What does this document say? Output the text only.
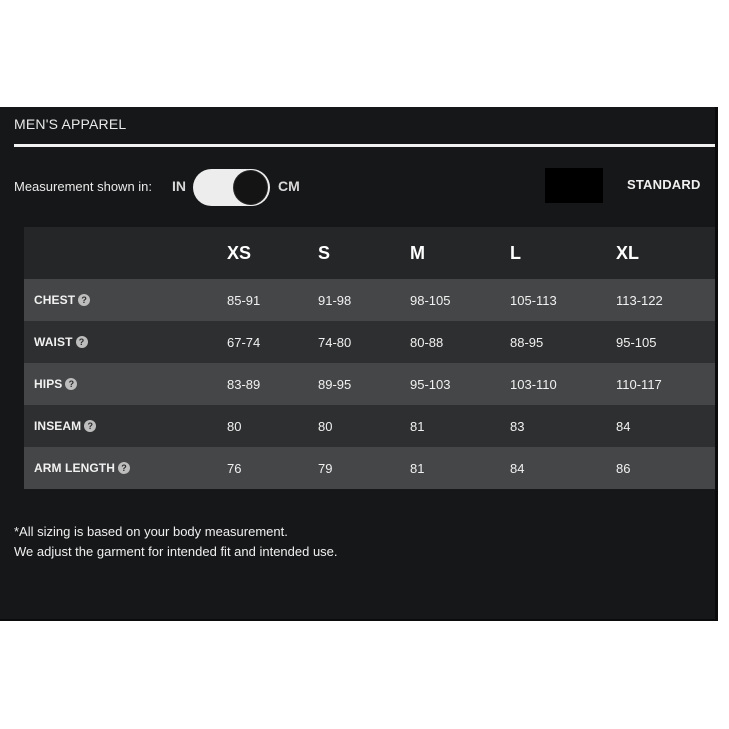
MEN'S APPAREL
Measurement shown in: IN	CM	STANDARD
XS	S	M	L	XL
CHEST ?	85-91	91-98	98-105	105-113	113-122
WAIST ?	67-74	74-80	80-88	88-95	95-105
HIPS ?	83-89	89-95	95-103	103-110	110-117
INSEAM ?	80	80	81	83	84
ARM LENGTH ?	76	79	81	84	86
*All sizing is based on your body measurement.
We adjust the garment for intended fit and intended use.
